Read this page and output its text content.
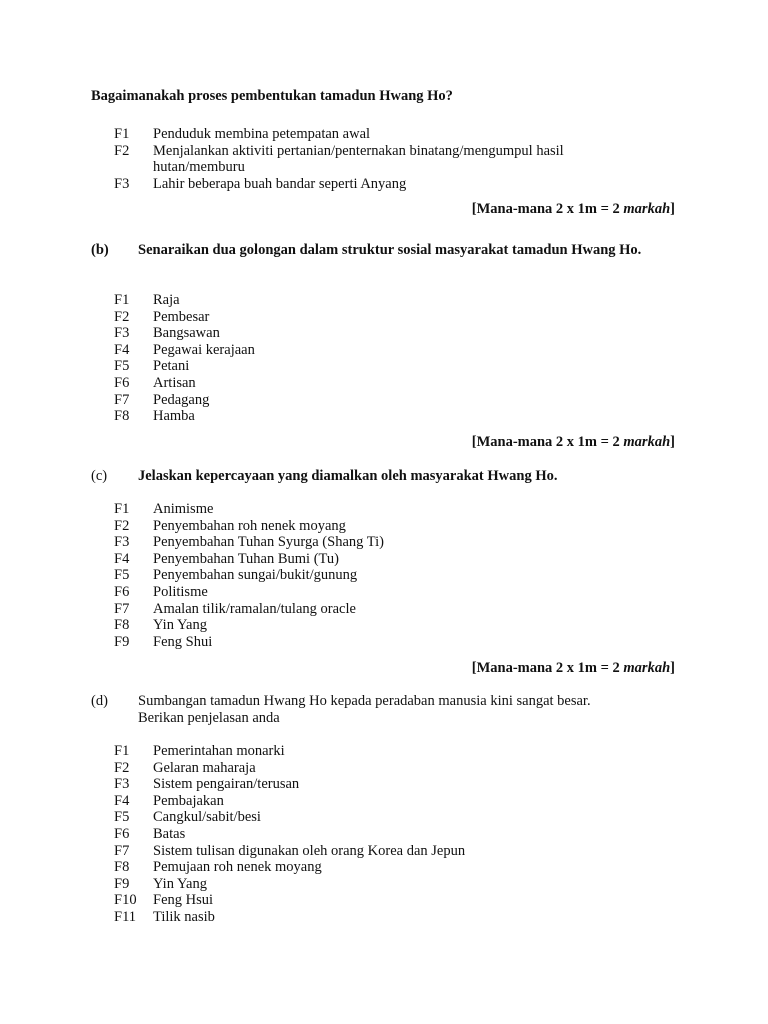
Bagaimanakah proses pembentukan tamadun Hwang Ho?
F1 Penduduk membina petempatan awal
F2 Menjalankan aktiviti pertanian/penternakan binatang/mengumpul hasil hutan/memburu
F3 Lahir beberapa buah bandar seperti Anyang
[Mana-mana 2 x 1m = 2 markah]
(b) Senaraikan dua golongan dalam struktur sosial masyarakat tamadun Hwang Ho.
F1 Raja
F2 Pembesar
F3 Bangsawan
F4 Pegawai kerajaan
F5 Petani
F6 Artisan
F7 Pedagang
F8 Hamba
[Mana-mana 2 x 1m = 2 markah]
(c) Jelaskan kepercayaan yang diamalkan oleh masyarakat Hwang Ho.
F1 Animisme
F2 Penyembahan roh nenek moyang
F3 Penyembahan Tuhan Syurga (Shang Ti)
F4 Penyembahan Tuhan Bumi (Tu)
F5 Penyembahan sungai/bukit/gunung
F6 Politisme
F7 Amalan tilik/ramalan/tulang oracle
F8 Yin Yang
F9 Feng Shui
[Mana-mana 2 x 1m = 2 markah]
(d) Sumbangan tamadun Hwang Ho kepada peradaban manusia kini sangat besar. Berikan penjelasan anda
F1 Pemerintahan monarki
F2 Gelaran maharaja
F3 Sistem pengairan/terusan
F4 Pembajakan
F5 Cangkul/sabit/besi
F6 Batas
F7 Sistem tulisan digunakan oleh orang Korea dan Jepun
F8 Pemujaan roh nenek moyang
F9 Yin Yang
F10 Feng Hsui
F11 Tilik nasib
